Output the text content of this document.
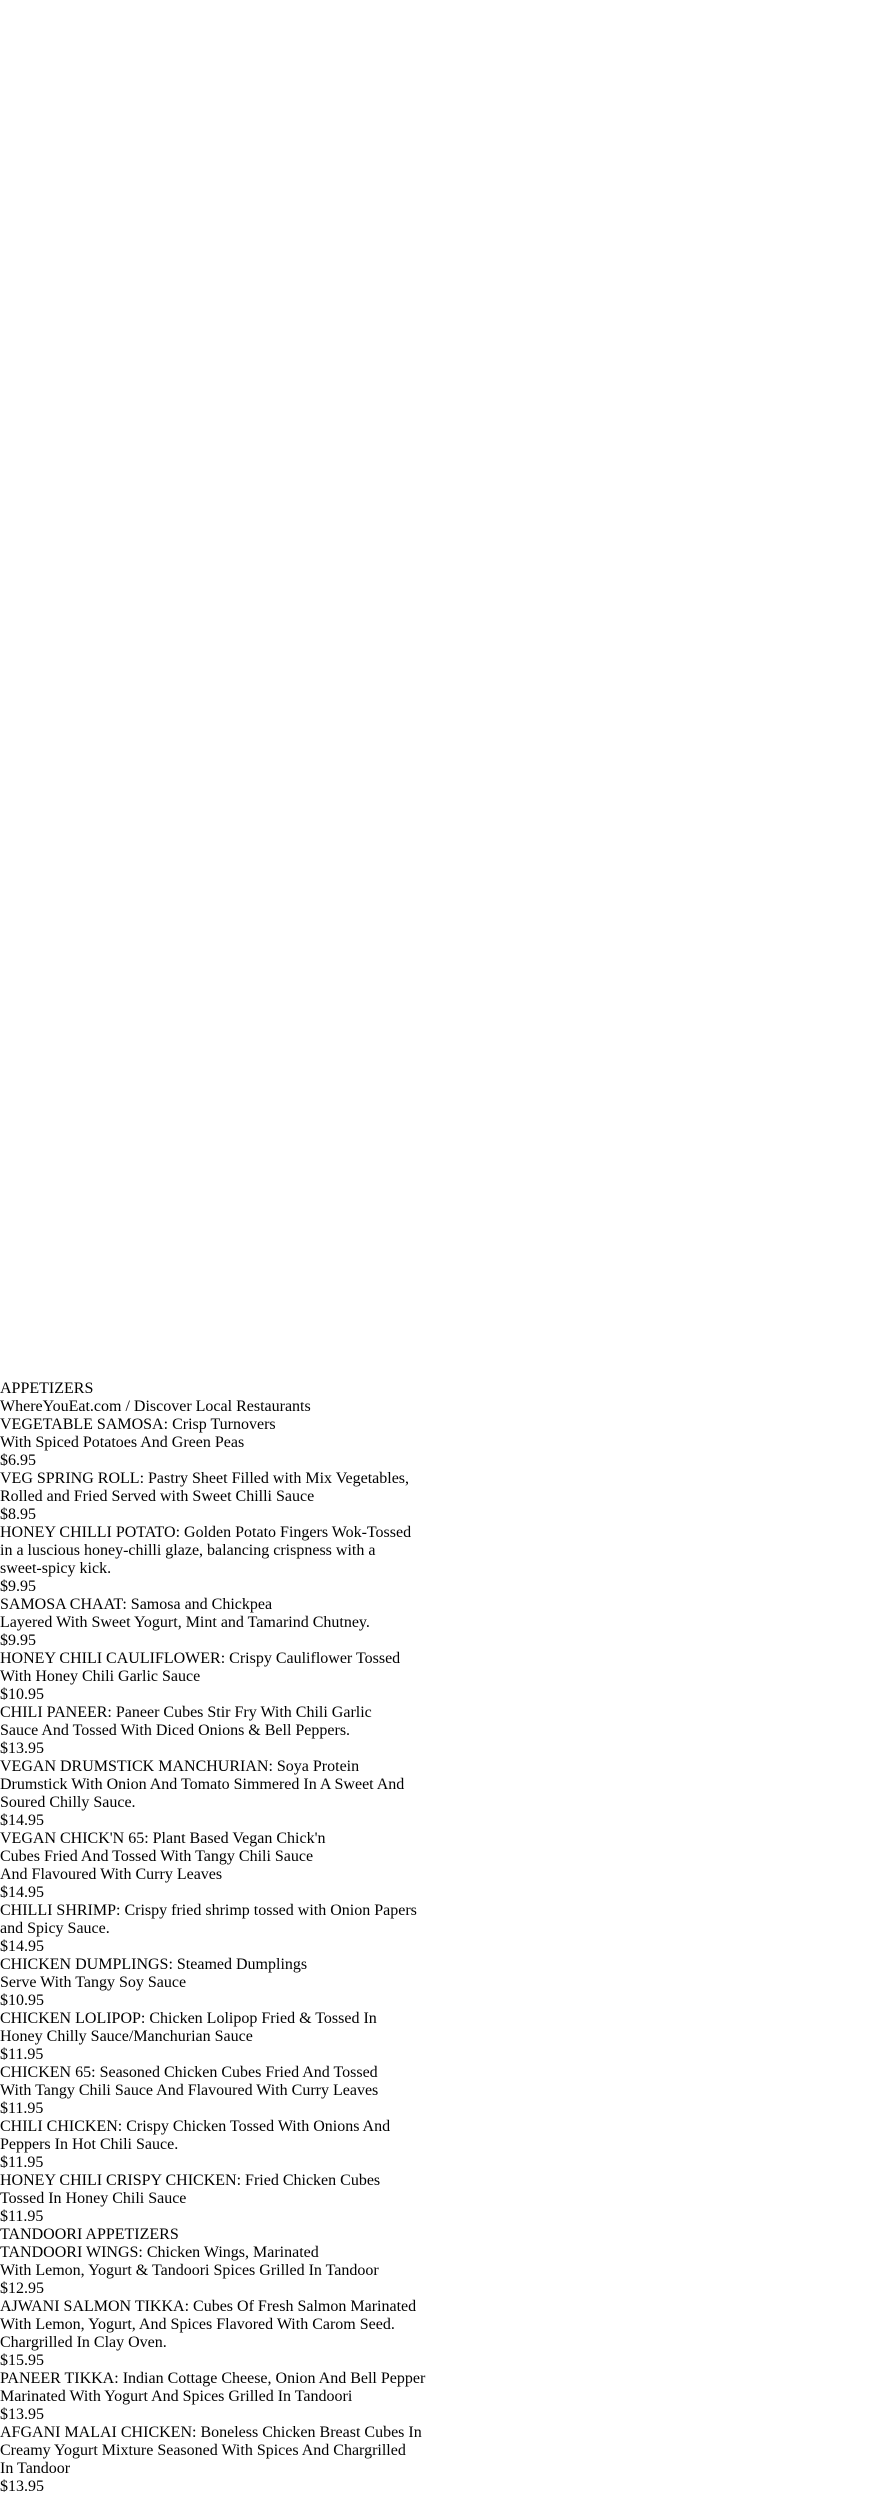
APPETIZERS
WhereYouEat.com / Discover Local Restaurants
VEGETABLE SAMOSA: Crisp Turnovers
With Spiced Potatoes And Green Peas
$6.95
VEG SPRING ROLL: Pastry Sheet Filled with Mix Vegetables,
Rolled and Fried Served with Sweet Chilli Sauce
$8.95
HONEY CHILLI POTATO: Golden Potato Fingers Wok-Tossed
in a luscious honey-chilli glaze, balancing crispness with a
sweet-spicy kick.
$9.95
SAMOSA CHAAT: Samosa and Chickpea
Layered With Sweet Yogurt, Mint and Tamarind Chutney.
$9.95
HONEY CHILI CAULIFLOWER: Crispy Cauliflower Tossed
With Honey Chili Garlic Sauce
$10.95
CHILI PANEER: Paneer Cubes Stir Fry With Chili Garlic
Sauce And Tossed With Diced Onions & Bell Peppers.
$13.95
VEGAN DRUMSTICK MANCHURIAN: Soya Protein
Drumstick With Onion And Tomato Simmered In A Sweet And
Soured Chilly Sauce.
$14.95
VEGAN CHICK'N 65: Plant Based Vegan Chick'n
Cubes Fried And Tossed With Tangy Chili Sauce
And Flavoured With Curry Leaves
$14.95
CHILLI SHRIMP: Crispy fried shrimp tossed with Onion Papers
and Spicy Sauce.
$14.95
CHICKEN DUMPLINGS: Steamed Dumplings
Serve With Tangy Soy Sauce
$10.95
CHICKEN LOLIPOP: Chicken Lolipop Fried & Tossed In
Honey Chilly Sauce/Manchurian Sauce
$11.95
CHICKEN 65: Seasoned Chicken Cubes Fried And Tossed
With Tangy Chili Sauce And Flavoured With Curry Leaves
$11.95
CHILI CHICKEN: Crispy Chicken Tossed With Onions And
Peppers In Hot Chili Sauce.
$11.95
HONEY CHILI CRISPY CHICKEN: Fried Chicken Cubes
Tossed In Honey Chili Sauce
$11.95
TANDOORI APPETIZERS
TANDOORI WINGS: Chicken Wings, Marinated
With Lemon, Yogurt & Tandoori Spices Grilled In Tandoor
$12.95
AJWANI SALMON TIKKA: Cubes Of Fresh Salmon Marinated
With Lemon, Yogurt, And Spices Flavored With Carom Seed.
Chargrilled In Clay Oven.
$15.95
PANEER TIKKA: Indian Cottage Cheese, Onion And Bell Pepper
Marinated With Yogurt And Spices Grilled In Tandoori
$13.95
AFGANI MALAI CHICKEN: Boneless Chicken Breast Cubes In
Creamy Yogurt Mixture Seasoned With Spices And Chargrilled
In Tandoor
$13.95
